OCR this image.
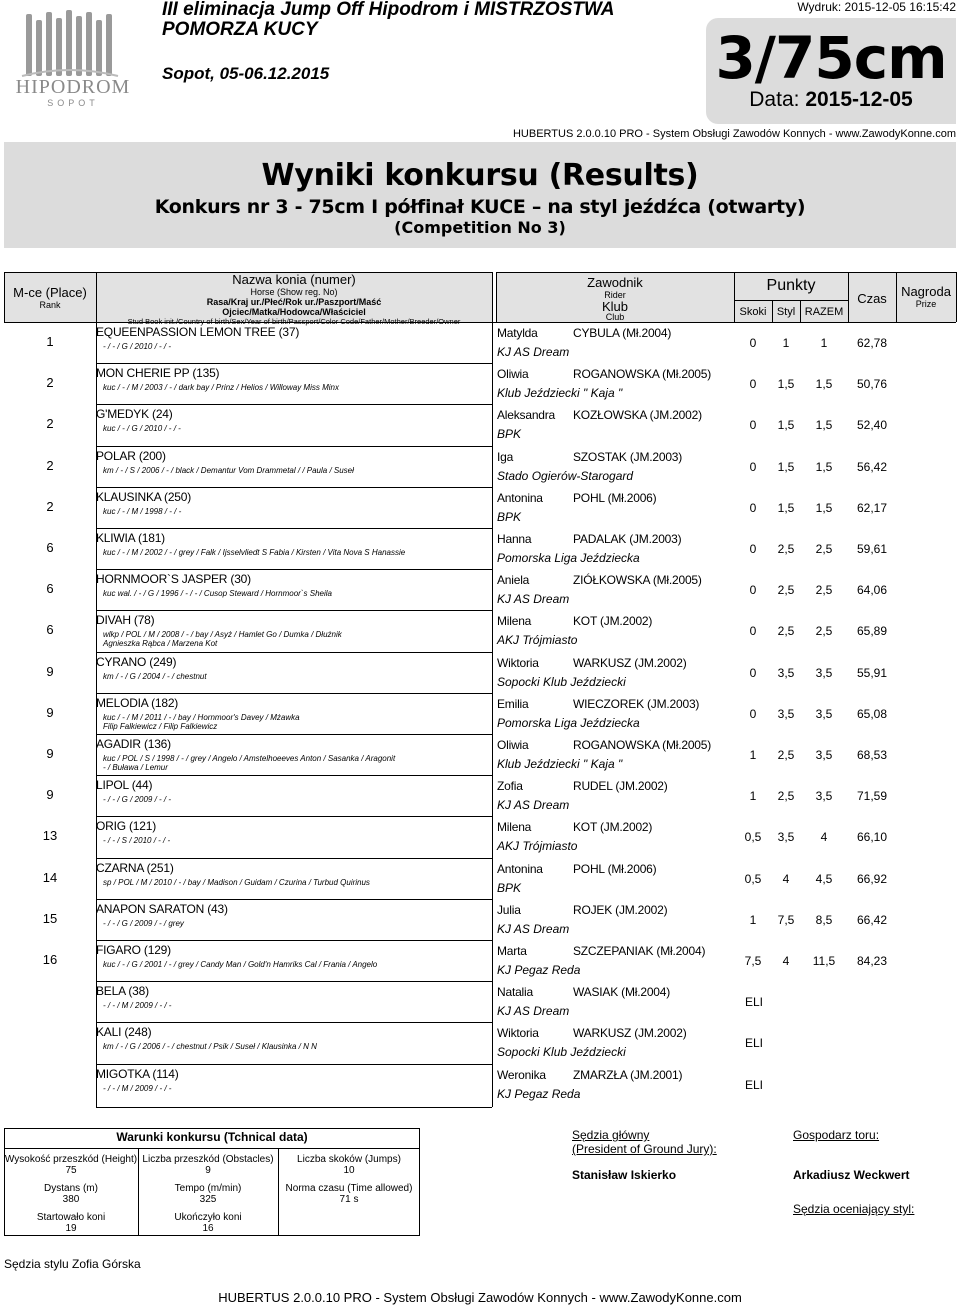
HIPODROM
SOPOT
III eliminacja Jump Off Hipodrom i MISTRZOSTWA
POMORZA KUCY
Sopot, 05-06.12.2015
Wydruk: 2015-12-05 16:15:42
3/75cm
Data: 2015-12-05
HUBERTUS 2.0.0.10 PRO - System Obsługi Zawodów Konnych - www.ZawodyKonne.com
Wyniki konkursu (Results)
Konkurs nr 3 - 75cm I półfinał KUCE – na styl jeźdźca (otwarty)
(Competition No 3)
M-ce (Place)
Rank
Nazwa konia (numer)
Horse (Show reg. No)
Rasa/Kraj ur./Płeć/Rok ur./Paszport/Maść
Ojciec/Matka/Hodowca/Właściciel
Stud Book init./Country of birth/Sex/Year of birth/Passport/Color Code/Father/Mother/Breeder/Owner
Zawodnik
Rider
Klub
Club
Punkty
Skoki Styl RAZEM
Czas	Nagroda
Prize
1
EQUEENPASSION LEMON TREE (37)
- / - / G / 2010 / - / -
Matylda	CYBULA (Mł.2004)
KJ AS Dream
0	1	1	62,78
2
MON CHERIE PP (135)
kuc / - / M / 2003 / - / dark bay / Prinz / Helios / Willoway Miss Minx
Oliwia	ROGANOWSKA (Mł.2005)
Klub Jeździecki " Kaja "
0	1,5	1,5	50,76
2
G'MEDYK (24)
kuc / - / G / 2010 / - / -
Aleksandra KOZŁOWSKA (JM.2002)
BPK
0	1,5	1,5	52,40
2
POLAR (200)
km / - / S / 2006 / - / black / Demantur Vom Drammetal / / Paula / Suseł
Iga	SZOSTAK (JM.2003)
Stado Ogierów-Starogard
0	1,5	1,5	56,42
2
KLAUSINKA (250)
kuc / - / M / 1998 / - / -
Antonina	POHL (Mł.2006)
BPK
0	1,5	1,5	62,17
6
KLIWIA (181)
kuc / - / M / 2002 / - / grey / Falk / Ijsselvliedt S Fabia / Kirsten / Vita Nova S Hanassie
Hanna	PADALAK (JM.2003)
Pomorska Liga Jeździecka
0	2,5	2,5	59,61
6
HORNMOOR`S JASPER (30)
kuc wal. / - / G / 1996 / - / - / Cusop Steward / Hornmoor`s Sheila
Aniela	ZIÓŁKOWSKA (Mł.2005)
KJ AS Dream
0	2,5	2,5	64,06
6
DIVAH (78)
wlkp / POL / M / 2008 / - / bay / Asyż / Hamlet Go / Dumka / Dłużnik
Agnieszka Rąbca / Marzena Kot
Milena	KOT (JM.2002)
AKJ Trójmiasto
0	2,5	2,5	65,89
9
CYRANO (249)
km / - / G / 2004 / - / chestnut
Wiktoria	WARKUSZ (JM.2002)
Sopocki Klub Jeździecki
0	3,5	3,5	55,91
9
MELODIA (182)
kuc / - / M / 2011 / - / bay / Hornmoor's Davey / Mżawka
Filip Falkiewicz / Filip Falkiewicz
Emilia	WIECZOREK (JM.2003)
Pomorska Liga Jeździecka
0	3,5	3,5	65,08
9
AGADIR (136)
kuc / POL / S / 1998 / - / grey / Angelo / Amstelhoeeves Anton / Sasanka / Aragonit
- / Buława / Lemur
Oliwia	ROGANOWSKA (Mł.2005)
Klub Jeździecki " Kaja "
1	2,5	3,5	68,53
9
LIPOL (44)
- / - / G / 2009 / - / -
Zofia	RUDEL (JM.2002)
KJ AS Dream
1	2,5	3,5	71,59
13
ORIG (121)
- / - / S / 2010 / - / -
Milena	KOT (JM.2002)
AKJ Trójmiasto
0,5	3,5	4	66,10
14
CZARNA (251)
sp / POL / M / 2010 / - / bay / Madison / Guidam / Czurina / Turbud Quirinus
Antonina	POHL (Mł.2006)
BPK
0,5	4	4,5	66,92
15
ANAPON SARATON (43)
- / - / G / 2009 / - / grey
Julia	ROJEK (JM.2002)
KJ AS Dream
1	7,5	8,5	66,42
16
FIGARO (129)
kuc / - / G / 2001 / - / grey / Candy Man / Gold'n Hamriks Cal / Frania / Angelo
Marta	SZCZEPANIAK (Mł.2004)
KJ Pegaz Reda
7,5	4	11,5	84,23
BELA (38)
- / - / M / 2009 / - / -
Natalia	WASIAK (Mł.2004)
KJ AS Dream
ELI
KALI (248)
km / - / G / 2006 / - / chestnut / Psik / Suseł / Klausinka / N N
Wiktoria	WARKUSZ (JM.2002)
Sopocki Klub Jeździecki
ELI
MIGOTKA (114)
- / - / M / 2009 / - / -
Weronika ZMARZŁA (JM.2001)
KJ Pegaz Reda
ELI
Warunki konkursu (Tchnical data)
Wysokość przeszkód (Height)
75
Liczba przeszkód (Obstacles)
9
Liczba skoków (Jumps)
10
Dystans (m)
380
Tempo (m/min)
325
Norma czasu (Time allowed)
71 s
Startowało koni
19
Ukończyło koni
16
Sędzia główny
(President of Ground Jury):
Stanisław Iskierko
Gospodarz toru:
Arkadiusz Weckwert
Sędzia oceniający styl:
Sędzia stylu Zofia Górska
HUBERTUS 2.0.0.10 PRO - System Obsługi Zawodów Konnych - www.ZawodyKonne.com
